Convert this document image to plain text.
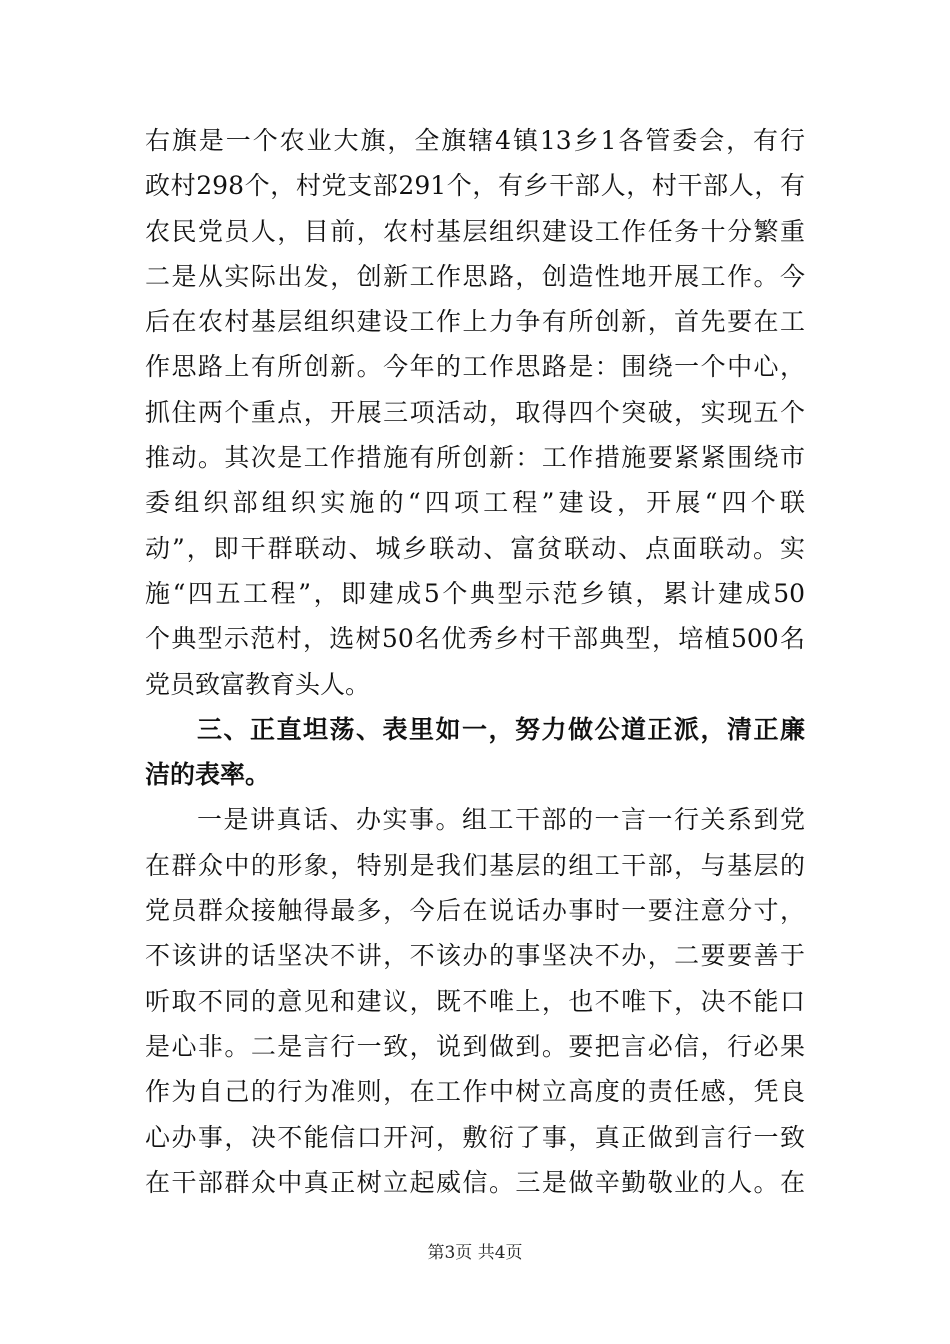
右旗是一个农业大旗，全旗辖4镇13乡1各管委会，有行
政村298个，村党支部291个，有乡干部人，村干部人，有
农民党员人，目前，农村基层组织建设工作任务十分繁重
二是从实际出发，创新工作思路，创造性地开展工作。今
后在农村基层组织建设工作上力争有所创新，首先要在工
作思路上有所创新。今年的工作思路是：围绕一个中心，
抓住两个重点，开展三项活动，取得四个突破，实现五个
推动。其次是工作措施有所创新：工作措施要紧紧围绕市
委组织部组织实施的“四项工程”建设，开展“四个联
动”，即干群联动、城乡联动、富贫联动、点面联动。实
施“四五工程”，即建成5个典型示范乡镇，累计建成50
个典型示范村，选树50名优秀乡村干部典型，培植500名
党员致富教育头人。
三、正直坦荡、表里如一，努力做公道正派，清正廉
洁的表率。
一是讲真话、办实事。组工干部的一言一行关系到党
在群众中的形象，特别是我们基层的组工干部，与基层的
党员群众接触得最多，今后在说话办事时一要注意分寸，
不该讲的话坚决不讲，不该办的事坚决不办，二要要善于
听取不同的意见和建议，既不唯上，也不唯下，决不能口
是心非。二是言行一致，说到做到。要把言必信，行必果
作为自己的行为准则，在工作中树立高度的责任感，凭良
心办事，决不能信口开河，敷衍了事，真正做到言行一致
在干部群众中真正树立起威信。三是做辛勤敬业的人。在
第3页 共4页
